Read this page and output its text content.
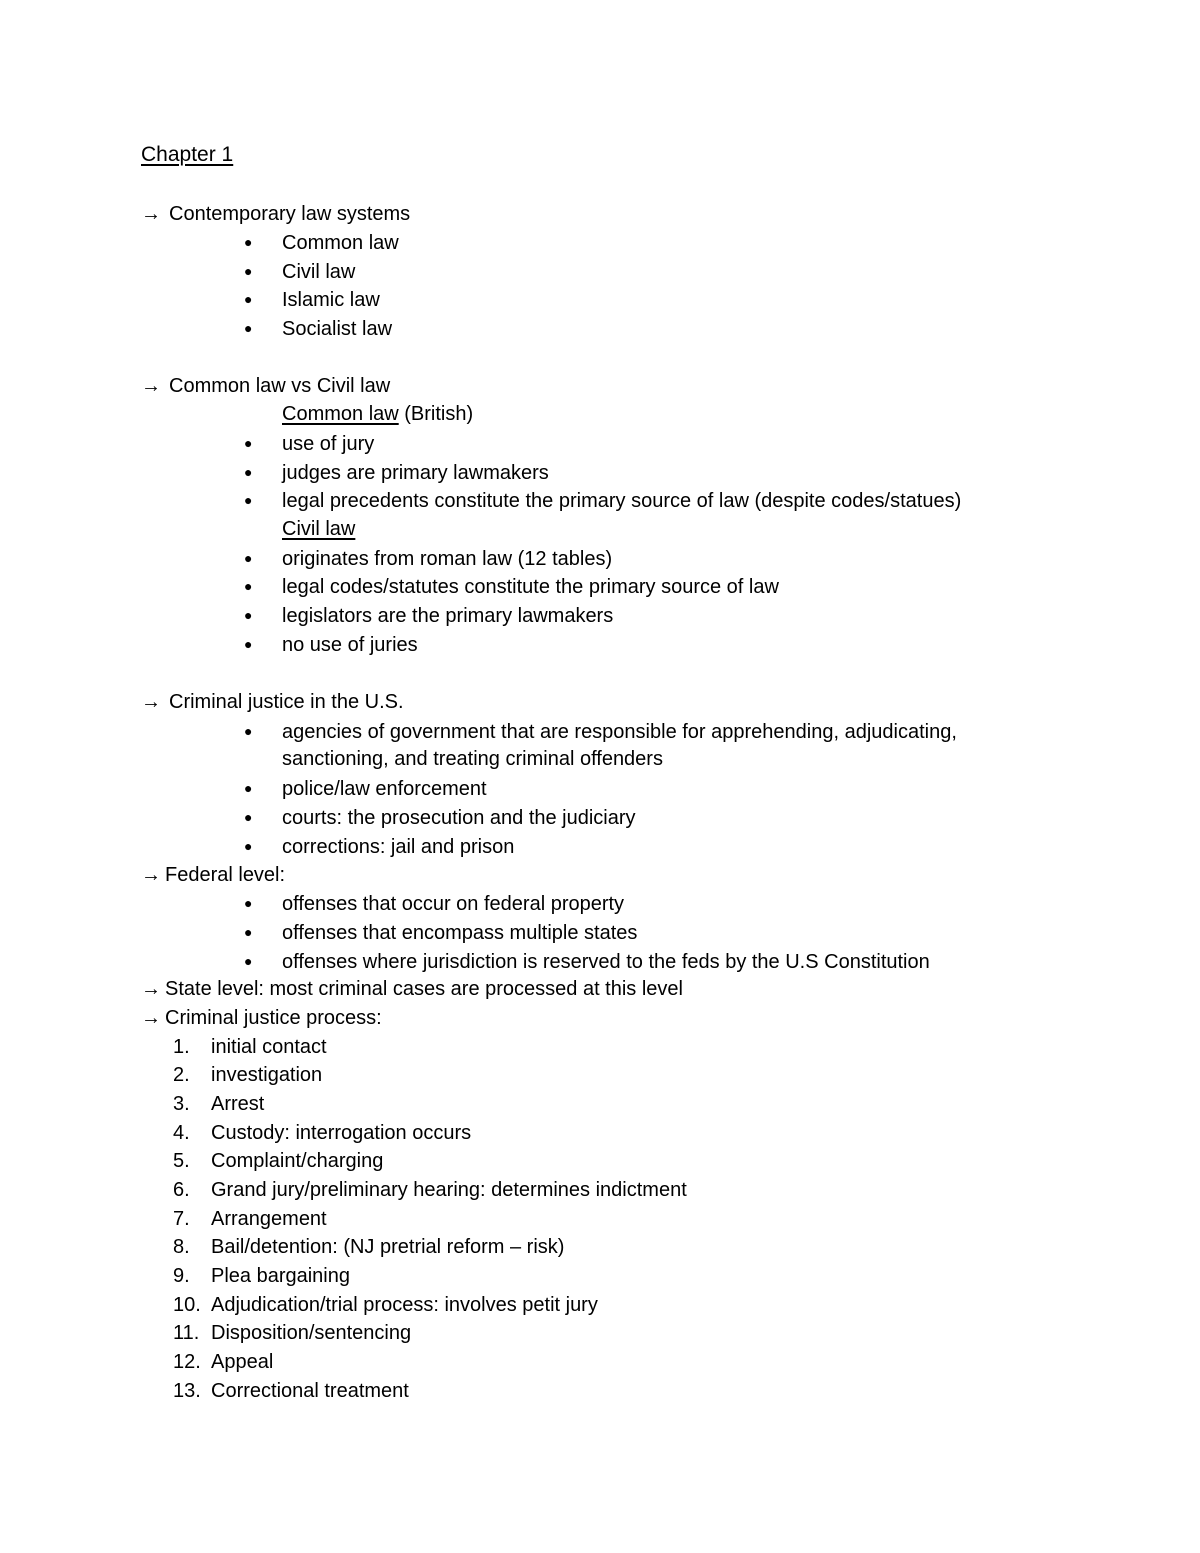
Chapter 1
→ Contemporary law systems
● Common law
● Civil law
● Islamic law
● Socialist law
→ Common law vs Civil law
Common law (British)
● use of jury
● judges are primary lawmakers
● legal precedents constitute the primary source of law (despite codes/statues)
Civil law
● originates from roman law (12 tables)
● legal codes/statutes constitute the primary source of law
● legislators are the primary lawmakers
● no use of juries
→ Criminal justice in the U.S.
● agencies of government that are responsible for apprehending, adjudicating,
sanctioning, and treating criminal offenders
● police/law enforcement
● courts: the prosecution and the judiciary
● corrections: jail and prison
→ Federal level:
● offenses that occur on federal property
● offenses that encompass multiple states
● offenses where jurisdiction is reserved to the feds by the U.S Constitution
→ State level: most criminal cases are processed at this level
→ Criminal justice process:
1. initial contact
2. investigation
3. Arrest
4. Custody: interrogation occurs
5. Complaint/charging
6. Grand jury/preliminary hearing: determines indictment
7. Arrangement
8. Bail/detention: (NJ pretrial reform – risk)
9. Plea bargaining
10. Adjudication/trial process: involves petit jury
11. Disposition/sentencing
12. Appeal
13. Correctional treatment
